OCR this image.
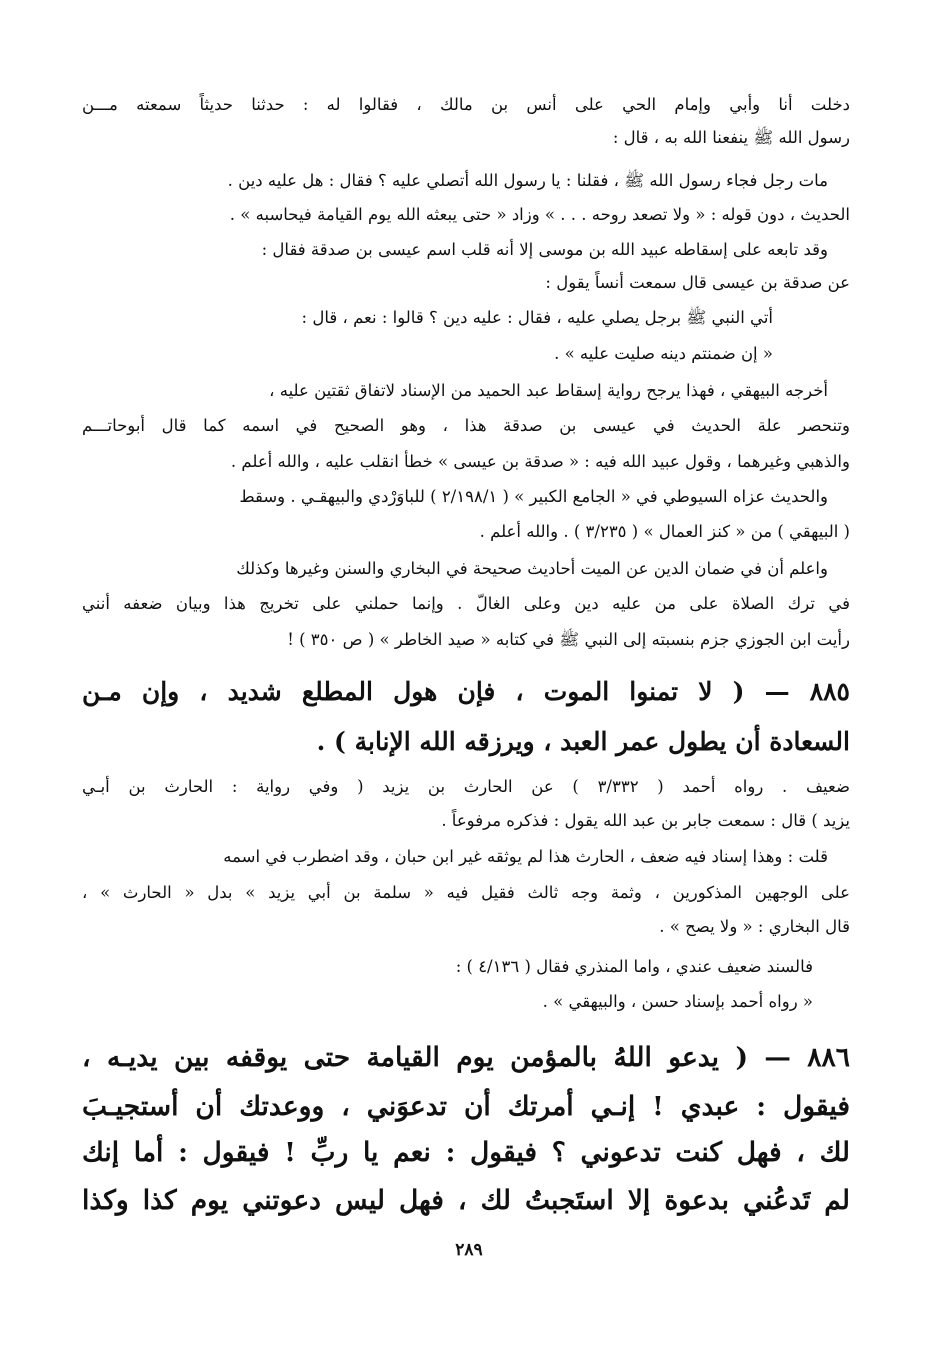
دخلت أنا وأبي وإمام الحي على أنس بن مالك ، فقالوا له : حدثنا حديثاً سمعته مـــن

رسول الله ﷺ ينفعنا الله به ، قال :

مات رجل فجاء رسول الله ﷺ ، فقلنا : يا رسول الله أتصلي عليه ؟ فقال : هل عليه دين .

الحديث ، دون قوله : « ولا تصعد روحه . . . » وزاد « حتى يبعثه الله يوم القيامة فيحاسبه » .

وقد تابعه على إسقاطه عبيد الله بن موسى إلا أنه قلب اسم عيسى بن صدقة فقال :

عن صدقة بن عيسى قال سمعت أنساً يقول :

أتي النبي ﷺ برجل يصلي عليه ، فقال : عليه دين ؟ قالوا : نعم ، قال :

« إن ضمنتم دينه صليت عليه » .

أخرجه البيهقي ، فهذا يرجح رواية إسقاط عبد الحميد من الإسناد لاتفاق ثقتين عليه ،

وتنحصر علة الحديث في عيسى بن صدقة هذا ، وهو الصحيح في اسمه كما قال أبوحاتـــم

والذهبي وغيرهما ، وقول عبيد الله فيه : « صدقة بن عيسى » خطأ انقلب عليه ، والله أعلم .

والحديث عزاه السيوطي في « الجامع الكبير » ( ٢/١٩٨/١ ) للباوَرْدي والبيهقـي . وسقط

( البيهقي ) من « كنز العمال » ( ٣/٢٣٥ ) . والله أعلم .

واعلم أن في ضمان الدين عن الميت أحاديث صحيحة في البخاري والسنن وغيرها وكذلك

في ترك الصلاة على من عليه دين وعلى الغالّ . وإنما حملني على تخريج هذا وبيان ضعفه أنني

رأيت ابن الجوزي جزم بنسبته إلى النبي ﷺ في كتابه « صيد الخاطر » ( ص ٣٥٠ ) !

٨٨٥ — ( لا تمنوا الموت ، فإن هول المطلع شديد ، وإن مـن

السعادة أن يطول عمر العبد ، ويرزقه الله الإنابة ) .

ضعيف . رواه أحمد ( ٣/٣٣٢ ) عن الحارث بن يزيد ( وفي رواية : الحارث بن أبـي

يزيد ) قال : سمعت جابر بن عبد الله يقول : فذكره مرفوعاً .

قلت : وهذا إسناد فيه ضعف ، الحارث هذا لم يوثقه غير ابن حبان ، وقد اضطرب في اسمه

على الوجهين المذكورين ، وثمة وجه ثالث فقيل فيه « سلمة بن أبي يزيد » بدل « الحارث » ،

قال البخاري : « ولا يصح » .

فالسند ضعيف عندي ، واما المنذري فقال ( ٤/١٣٦ ) :

« رواه أحمد بإسناد حسن ، والبيهقي » .

٨٨٦ — ( يدعو اللهُ بالمؤمن يوم القيامة حتى يوقفه بين يديـه ،

فيقول : عبدي ! إنـي أمرتك أن تدعوَني ، ووعدتك أن أستجيـبَ

لك ، فهل كنت تدعوني ؟ فيقول : نعم يا ربِّ ! فيقول : أما إنك

لم تَدعُني بدعوة إلا استَجبتُ لك ، فهل ليس دعوتني يوم كذا وكذا

٢٨٩
